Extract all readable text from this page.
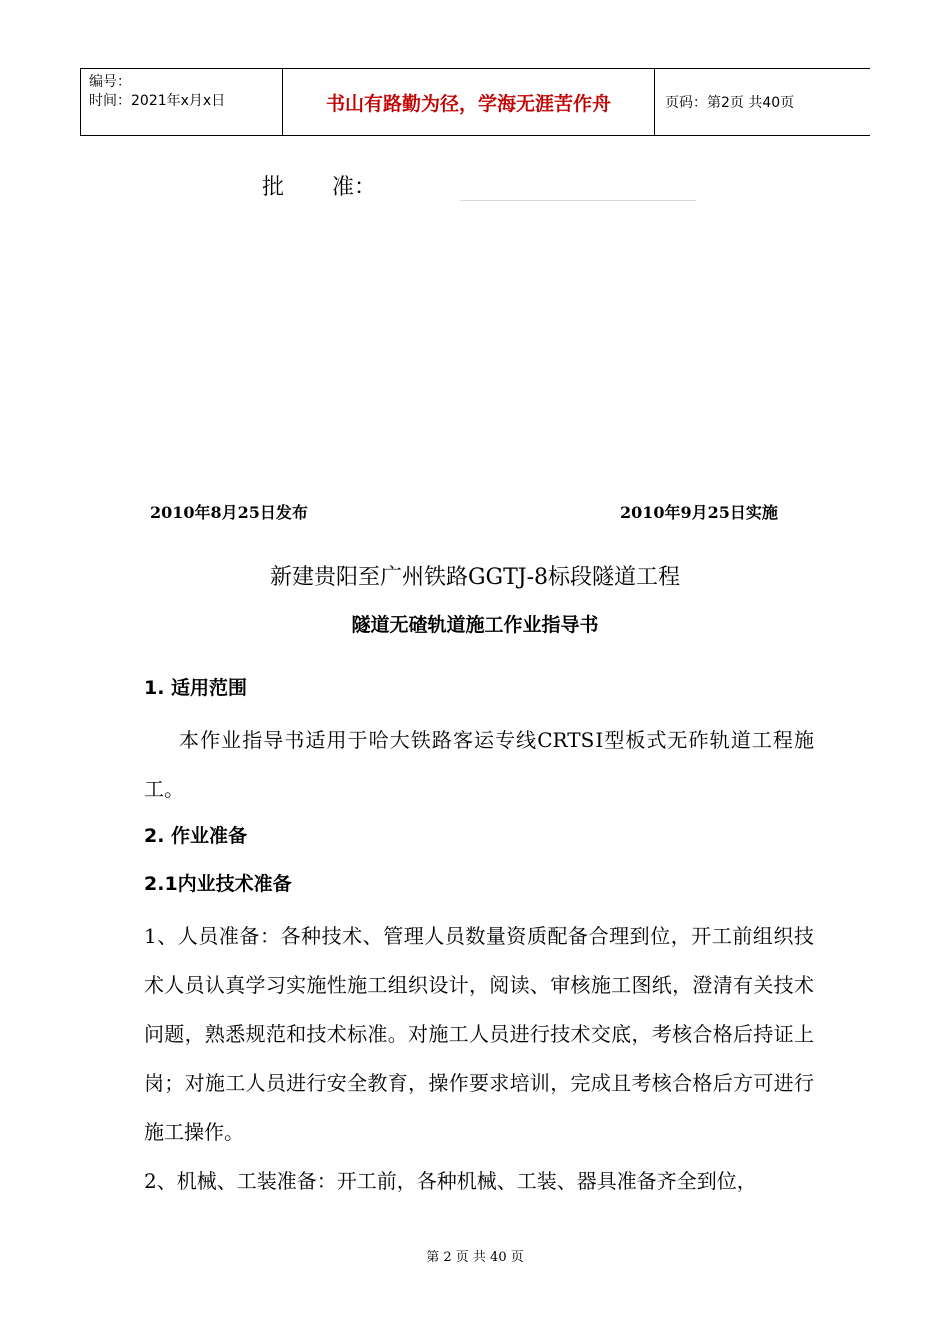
编号：
时间：2021年x月x日	书山有路勤为径，学海无涯苦作舟	页码：第2页 共40页
批 准：
2010年8月25日发布	2010年9月25日实施
新建贵阳至广州铁路GGTJ-8标段隧道工程
隧道无碴轨道施工作业指导书
1. 适用范围
本作业指导书适用于哈大铁路客运专线CRTSⅠ型板式无砟轨道工程施工。
2. 作业准备
2.1内业技术准备
1、人员准备：各种技术、管理人员数量资质配备合理到位，开工前组织技术人员认真学习实施性施工组织设计，阅读、审核施工图纸，澄清有关技术问题，熟悉规范和技术标准。对施工人员进行技术交底，考核合格后持证上岗；对施工人员进行安全教育，操作要求培训，完成且考核合格后方可进行施工操作。
2、机械、工装准备：开工前，各种机械、工装、器具准备齐全到位，
第 2 页 共 40 页
